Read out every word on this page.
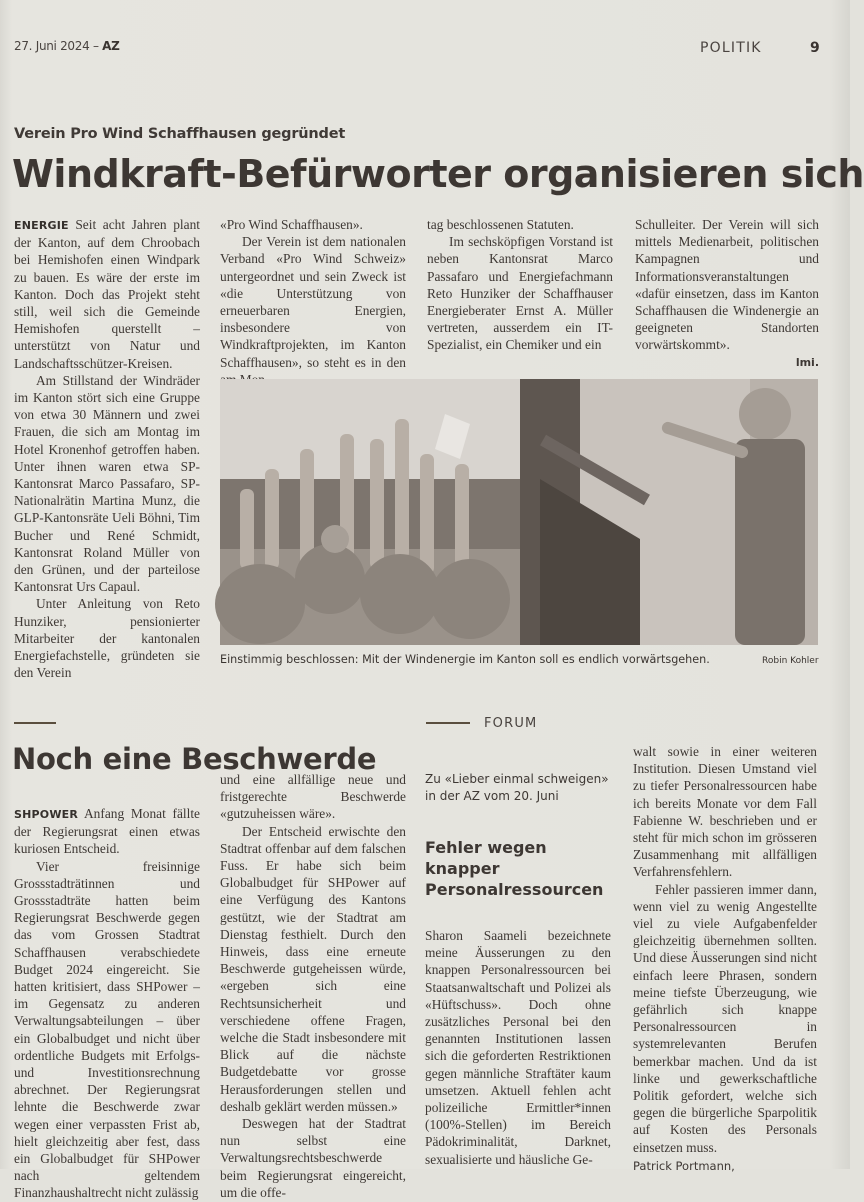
27. Juni 2024 – AZ	POLITIK	9
Verein Pro Wind Schaffhausen gegründet
Windkraft-Befürworter organisieren sich

ENERGIE Seit acht Jahren plant der Kanton, auf dem Chroobach bei Hemishofen einen Windpark zu bauen. Es wäre der erste im Kanton. Doch das Projekt steht still, weil sich die Gemeinde Hemishofen querstellt – unterstützt von Natur und Landschaftsschützer-Kreisen.

Am Stillstand der Windräder im Kanton stört sich eine Gruppe von etwa 30 Männern und zwei Frauen, die sich am Montag im Hotel Kronenhof getroffen haben. Unter ihnen waren etwa SP-Kantonsrat Marco Passafaro, SP-Nationalrätin Martina Munz, die GLP-Kantonsräte Ueli Böhni, Tim Bucher und René Schmidt, Kantonsrat Roland Müller von den Grünen, und der parteilose Kantonsrat Urs Capaul.

Unter Anleitung von Reto Hunziker, pensionierter Mitarbeiter der kantonalen Energiefachstelle, gründeten sie den Verein

«Pro Wind Schaffhausen».

Der Verein ist dem nationalen Verband «Pro Wind Schweiz» untergeordnet und sein Zweck ist «die Unterstützung von erneuerbaren Energien, insbesondere von Windkraftprojekten, im Kanton Schaffhausen», so steht es in den

tag beschlossenen Statuten.

Im sechsköpfigen Vorstand ist neben Kantonsrat Marco Passafaro und Energiefachmann Reto Hunziker der Schaffhauser Energieberater Ernst A. Müller vertreten, ausserdem ein IT-Spezialist, ein Chemiker und ein

Schulleiter. Der Verein will sich mittels Medienarbeit, politischen Kampagnen und Informationsveranstaltungen «dafür einsetzen, dass im Kanton Schaffhausen die Windenergie an geeigneten Standorten vorwärtskommt».

lmi.
Einstimmig beschlossen: Mit der Windenergie im Kanton soll es endlich vorwärtsgehen.	Robin Kohler
Noch eine Beschwerde

SHPOWER Anfang Monat fällte der Regierungsrat einen etwas kuriosen Entscheid.

Vier freisinnige Grossstadträtinnen und Grossstadträte hatten beim Regierungsrat Beschwerde gegen das vom Grossen Stadtrat Schaffhausen verabschiedete Budget 2024 eingereicht. Sie hatten kritisiert, dass SHPower – im Gegensatz zu anderen Verwaltungsabteilungen – über ein Globalbudget und nicht über ordentliche Budgets mit Erfolgs- und Investitionsrechnung abrechnet. Der Regierungsrat lehnte die Beschwerde zwar wegen einer verpassten Frist ab, hielt gleichzeitig aber fest, dass ein Globalbudget für SHPower nach geltendem Finanzhaushaltrecht nicht zulässig

und eine allfällige neue und fristgerechte Beschwerde «gutzuheissen wäre».

Der Entscheid erwischte den Stadtrat offenbar auf dem falschen Fuss. Er habe sich beim Globalbudget für SHPower auf eine Verfügung des Kantons gestützt, wie der Stadtrat am Dienstag festhielt. Durch den Hinweis, dass eine erneute Beschwerde gutgeheissen würde, «ergeben sich eine Rechtsunsicherheit und verschiedene offene Fragen, welche die Stadt insbesondere mit Blick auf die nächste Budgetdebatte vor grosse Herausforderungen stellen und deshalb geklärt werden müssen.»

Deswegen hat der Stadtrat nun selbst eine Verwaltungsrechtsbeschwerde beim Regierungsrat eingereicht, um die offe-

FORUM
Zu «Lieber einmal schweigen» in der AZ vom 20. Juni
Fehler wegen knapper Personalressourcen

Sharon Saameli bezeichnete meine Äusserungen zu den knappen Personalressourcen bei Staatsanwaltschaft und Polizei als «Hüftschuss». Doch ohne zusätzliches Personal bei den genannten Institutionen lassen sich die geforderten Restriktionen gegen männliche Straftäter kaum umsetzen. Aktuell fehlen acht polizeiliche Ermittler*innen (100%-Stellen) im Bereich Pädokriminalität, Darknet, sexualisierte und häusliche Ge-

walt sowie in einer weiteren Institution. Diesen Umstand viel zu tiefer Personalressourcen habe ich bereits Monate vor dem Fall Fabienne W. beschrieben und er steht für mich schon im grösseren Zusammenhang mit allfälligen Verfahrensfehlern.

Fehler passieren immer dann, wenn viel zu wenig Angestellte viel zu viele Aufgabenfelder gleichzeitig übernehmen sollten. Und diese Äusserungen sind nicht einfach leere Phrasen, sondern meine tiefste Überzeugung, wie gefährlich sich knappe Personalressourcen in systemrelevanten Berufen bemerkbar machen. Und da ist linke und gewerkschaftliche Politik gefordert, welche sich gegen die bürgerliche Sparpolitik auf Kosten des Personals einsetzen muss.

Patrick Portmann,
